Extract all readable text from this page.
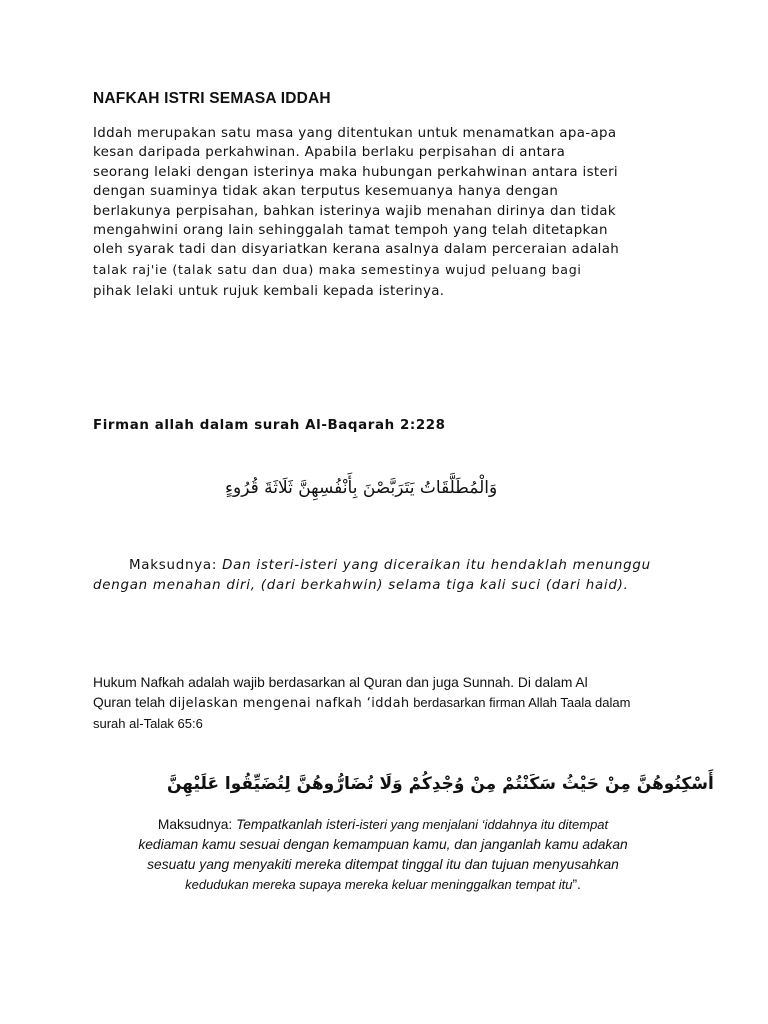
NAFKAH ISTRI SEMASA IDDAH

Iddah merupakan satu masa yang ditentukan untuk menamatkan apa-apa
kesan daripada perkahwinan. Apabila berlaku perpisahan di antara
seorang lelaki dengan isterinya maka hubungan perkahwinan antara isteri
dengan suaminya tidak akan terputus kesemuanya hanya dengan
berlakunya perpisahan, bahkan isterinya wajib menahan dirinya dan tidak
mengahwini orang lain sehinggalah tamat tempoh yang telah ditetapkan
oleh syarak tadi dan disyariatkan kerana asalnya dalam perceraian adalah
talak raj'ie (talak satu dan dua) maka semestinya wujud peluang bagi
pihak lelaki untuk rujuk kembali kepada isterinya.

Firman allah dalam surah Al-Baqarah 2:228

وَالْمُطَلَّقَاتُ يَتَرَبَّصْنَ بِأَنْفُسِهِنَّ ثَلَاثَةَ قُرُوءٍ

Maksudnya: Dan isteri-isteri yang diceraikan itu hendaklah menunggu
dengan menahan diri, (dari berkahwin) selama tiga kali suci (dari haid).

Hukum Nafkah adalah wajib berdasarkan al Quran dan juga Sunnah. Di dalam Al
Quran telah dijelaskan mengenai nafkah ‘iddah berdasarkan firman Allah Taala dalam
surah al-Talak 65:6

أَسْكِنُوهُنَّ مِنْ حَيْثُ سَكَنْتُمْ مِنْ وُجْدِكُمْ وَلَا تُضَارُّوهُنَّ لِتُضَيِّقُوا عَلَيْهِنَّ

Maksudnya: Tempatkanlah isteri-isteri yang menjalani ‘iddahnya itu ditempat
kediaman kamu sesuai dengan kemampuan kamu, dan janganlah kamu adakan
sesuatu yang menyakiti mereka ditempat tinggal itu dan tujuan menyusahkan
kedudukan mereka supaya mereka keluar meninggalkan tempat itu”.
